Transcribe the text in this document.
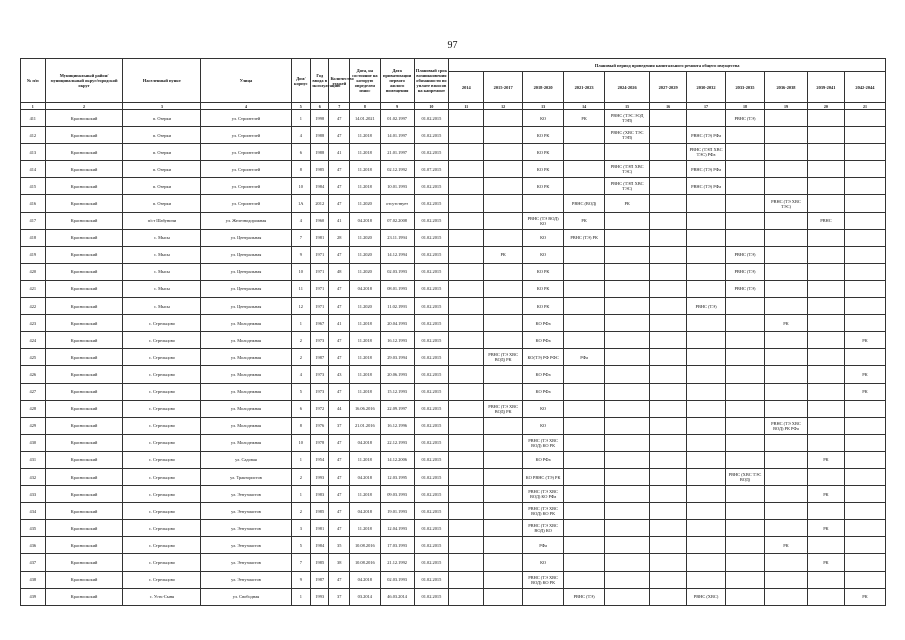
97
№ п/п	Муниципальный район/ муниципальный округ/городской округ	Населенный пункт	Улица	Дом/ корпус	Год ввода в эксплуатацию	Количество этажей	Дата, на состояние на которую определен износ	Дата приватизации первого жилого помещения	Плановый срок возникновения обязанности по уплате взносов на капремонт	Плановый период проведения капитального ремонта общего имущества										
										2014	2015-2017	2018-2020	2021-2023	2024-2026	2027-2029	2030-2032	2033-2035	2036-2038	2039-2041	2042-2044
1	2	3	4	5	6	7	8	9	10	11	12	13	14	15	16	17	18	19	20	21
411	Красноокский	п. Озерки	ул. Строителей	1	1998	47	14.01.2021	01.02.1997	01.02.2015			КО	РК	РВНС (ТЭС ЭОД ТЭП)			РВНС (ТЭ)			
412	Красноокский	п. Озерки	ул. Строителей	4	1988	47	11.2018	14.01.1997	01.02.2015			КО РК		РВНС (ХВС ТЭС ТЭП)		РВНС (ТЭ) РФа				
413	Красноокский	п. Озерки	ул. Строителей	6	1988	41	11.2018	21.01.1997	01.02.2015			КО РК				РВНС (ТЭП ХВС ТЭС) РФа				
414	Красноокский	п. Озерки	ул. Строителей	8	1985	47	11.2018	02.12.1992	01.07.2015			КО РК		РВНС (ТЭП ХВС ТЭС)		РВНС (ТЭ) РФа				
415	Красноокский	п. Озерки	ул. Строителей	10	1984	47	11.2018	10.01.1993	01.02.2015			КО РК		РВНС (ТЭП ХВС ТЭС)		РВНС (ТЭ) РФа				
416	Красноокский	п. Озерки	ул. Строителей	1А	2012	47	11.2020	отсутствует	01.02.2015				РВНС (ВОД)	РК				РВНС (ТЭ ХВС ТЭС)		
417	Красноокский	п/ст Шабуничи	ул. Железнодорожная	4	1960	41	04.2018	07.02.2008	01.02.2015			РВНС (ТЭ ВОД) КО	РК						РВНС	
418	Красноокский	с. Мысы	ул. Центральная	7	1981	28	11.2020	23.11.1994	01.02.2015			КО	РВНС (ТЭ) РК							
419	Красноокский	с. Мысы	ул. Центральная	9	1971	47	11.2020	14.12.1994	01.02.2015		РК	КО					РВНС (ТЭ)			
420	Красноокский	с. Мысы	ул. Центральная	10	1971	48	11.2020	02.03.1993	01.02.2015			КО РК					РВНС (ТЭ)			
421	Красноокский	с. Мысы	ул. Центральная	11	1971	47	04.2018	08.01.1993	01.02.2015			КО РК					РВНС (ТЭ)			
422	Красноокский	с. Мысы	ул. Центральная	12	1971	47	11.2020	11.02.1993	01.02.2015			КО РК				РВНС (ТЭ)				
423	Красноокский	с. Стрельцово	ул. Молодежная	1	1967	41	11.2018	20.04.1993	01.02.2015			КО РФа						РК		
424	Красноокский	с. Стрельцово	ул. Молодежная	2	1973	47	11.2018	16.12.1993	01.02.2015			КО РФа								РК
425	Красноокский	с. Стрельцово	ул. Молодежная	2	1987	47	11.2018	29.03.1994	01.02.2015		РВНС (ТЭ ХВС ВОД) РК	КО(ТЭ) РФ РФС	РФа							
426	Красноокский	с. Стрельцово	ул. Молодежная	4	1973	43	11.2018	20.06.1993	01.02.2015			КО РФа								РК
427	Красноокский	с. Стрельцово	ул. Молодежная	5	1973	47	11.2018	15.12.1993	01.02.2015			КО РФа								РК
428	Красноокский	с. Стрельцово	ул. Молодежная	6	1972	44	16.06.2016	22.09.1997	01.02.2015		РВНС (ТЭ ХВС ВОД) РК	КО								
429	Красноокский	с. Стрельцово	ул. Молодежная	8	1976	37	21.01.2016	16.12.1996	01.02.2015			КО						РВНС (ТЭ ХВС ВОД) РК РФа		
430	Красноокский	с. Стрельцово	ул. Молодежная	10	1978	47	04.2018	22.12.1993	01.02.2015			РВНС (ТЭ ХВС ВОД) КО РК								
431	Красноокский	с. Стрельцово	ул. Садовая	1	1954	47	11.2018	14.12.2006	01.02.2015			КО РФа							РК	
432	Красноокский	с. Стрельцово	ул. Трактористов	2	1993	47	04.2018	12.03.1995	01.02.2015			КО РВНС (ТЭ) РК					РВНС (ХВС ТЭС ВОД)			
433	Красноокский	с. Стрельцово	ул. Энтузиастов	1	1983	47	11.2018	09.03.1993	01.02.2015			РВНС (ТЭ ХВС ВОД) КО РФа							РК	
434	Красноокский	с. Стрельцово	ул. Энтузиастов	2	1985	47	04.2018	19.01.1993	01.02.2015			РВНС (ТЭ ХВС ВОД) КО РК								
435	Красноокский	с. Стрельцово	ул. Энтузиастов	3	1981	47	11.2018	12.04.1993	01.02.2015			РВНС (ТЭ ХВС ВОД) КО							РК	
436	Красноокский	с. Стрельцово	ул. Энтузиастов	5	1984	35	10.08.2016	17.03.1993	01.02.2015			РФа						РК		
437	Красноокский	с. Стрельцово	ул. Энтузиастов	7	1985	38	10.08.2016	21.12.1992	01.02.2015			КО							РК	
438	Красноокский	с. Стрельцово	ул. Энтузиастов	9	1987	47	04.2018	02.03.1993	01.02.2015			РВНС (ТЭ ХВС ВОД) КО РК								
439	Красноокский	с. Усть-Сыня	ул. Свободная	1	1993	37	03.2014	46.03.2014	01.02.2015				РВНС (ТЭ)			РВНС (ХВС)				РК
